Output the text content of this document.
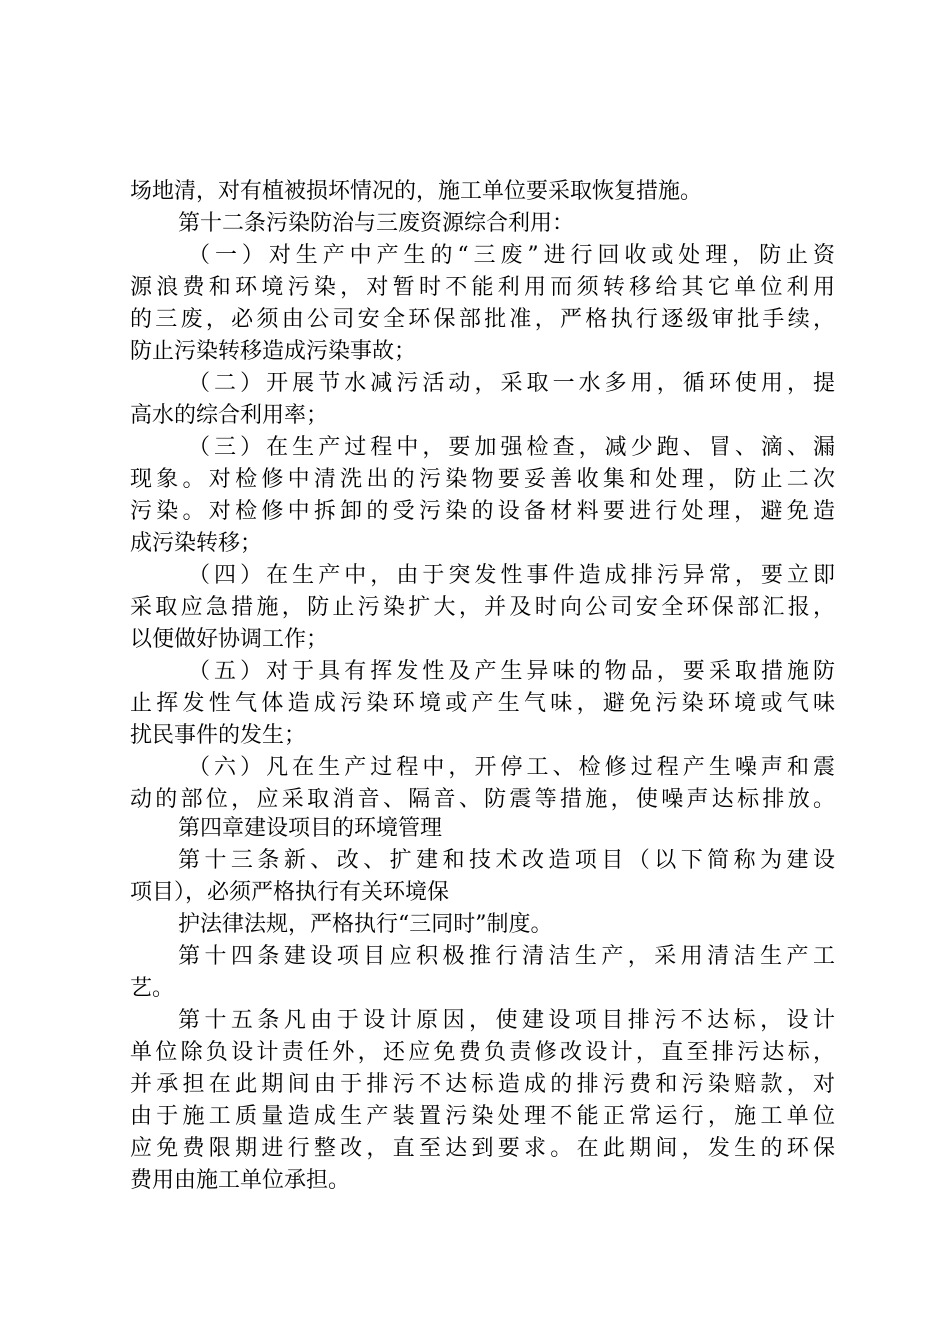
场地清，对有植被损坏情况的，施工单位要采取恢复措施。
第十二条污染防治与三废资源综合利用：
（一）对生产中产生的“三废”进行回收或处理，防止资
源浪费和环境污染，对暂时不能利用而须转移给其它单位利用
的三废，必须由公司安全环保部批准，严格执行逐级审批手续，
防止污染转移造成污染事故；
（二）开展节水减污活动，采取一水多用，循环使用，提
高水的综合利用率；
（三）在生产过程中，要加强检查，减少跑、冒、滴、漏
现象。对检修中清洗出的污染物要妥善收集和处理，防止二次
污染。对检修中拆卸的受污染的设备材料要进行处理，避免造
成污染转移；
（四）在生产中，由于突发性事件造成排污异常，要立即
采取应急措施，防止污染扩大，并及时向公司安全环保部汇报，
以便做好协调工作；
（五）对于具有挥发性及产生异味的物品，要采取措施防
止挥发性气体造成污染环境或产生气味，避免污染环境或气味
扰民事件的发生；
（六）凡在生产过程中，开停工、检修过程产生噪声和震
动的部位，应采取消音、隔音、防震等措施，使噪声达标排放。
第四章建设项目的环境管理
第十三条新、改、扩建和技术改造项目（以下简称为建设
项目），必须严格执行有关环境保
护法律法规，严格执行“三同时”制度。
第十四条建设项目应积极推行清洁生产，采用清洁生产工
艺。
第十五条凡由于设计原因，使建设项目排污不达标，设计
单位除负设计责任外，还应免费负责修改设计，直至排污达标，
并承担在此期间由于排污不达标造成的排污费和污染赔款，对
由于施工质量造成生产装置污染处理不能正常运行，施工单位
应免费限期进行整改，直至达到要求。在此期间，发生的环保
费用由施工单位承担。
